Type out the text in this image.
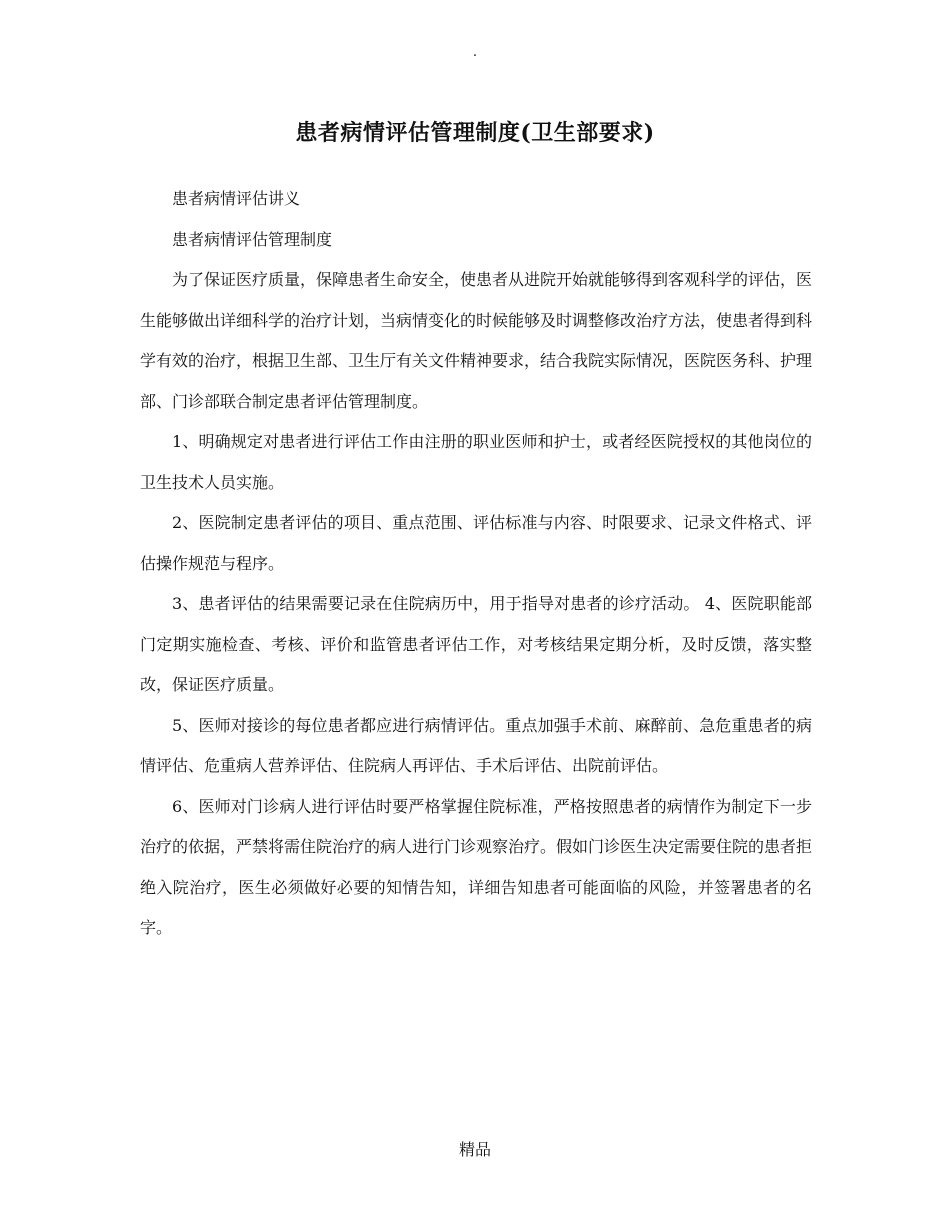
.
患者病情评估管理制度(卫生部要求)

患者病情评估讲义

患者病情评估管理制度

为了保证医疗质量，保障患者生命安全，使患者从进院开始就能够得到客观科学的评估，医生能够做出详细科学的治疗计划，当病情变化的时候能够及时调整修改治疗方法，使患者得到科学有效的治疗，根据卫生部、卫生厅有关文件精神要求，结合我院实际情况，医院医务科、护理部、门诊部联合制定患者评估管理制度。

1、明确规定对患者进行评估工作由注册的职业医师和护士，或者经医院授权的其他岗位的卫生技术人员实施。

2、医院制定患者评估的项目、重点范围、评估标准与内容、时限要求、记录文件格式、评估操作规范与程序。

3、患者评估的结果需要记录在住院病历中，用于指导对患者的诊疗活动。 4、医院职能部门定期实施检查、考核、评价和监管患者评估工作，对考核结果定期分析，及时反馈，落实整改，保证医疗质量。

5、医师对接诊的每位患者都应进行病情评估。重点加强手术前、麻醉前、急危重患者的病情评估、危重病人营养评估、住院病人再评估、手术后评估、出院前评估。

6、医师对门诊病人进行评估时要严格掌握住院标准，严格按照患者的病情作为制定下一步治疗的依据，严禁将需住院治疗的病人进行门诊观察治疗。假如门诊医生决定需要住院的患者拒绝入院治疗，医生必须做好必要的知情告知，详细告知患者可能面临的风险，并签署患者的名字。

精品
